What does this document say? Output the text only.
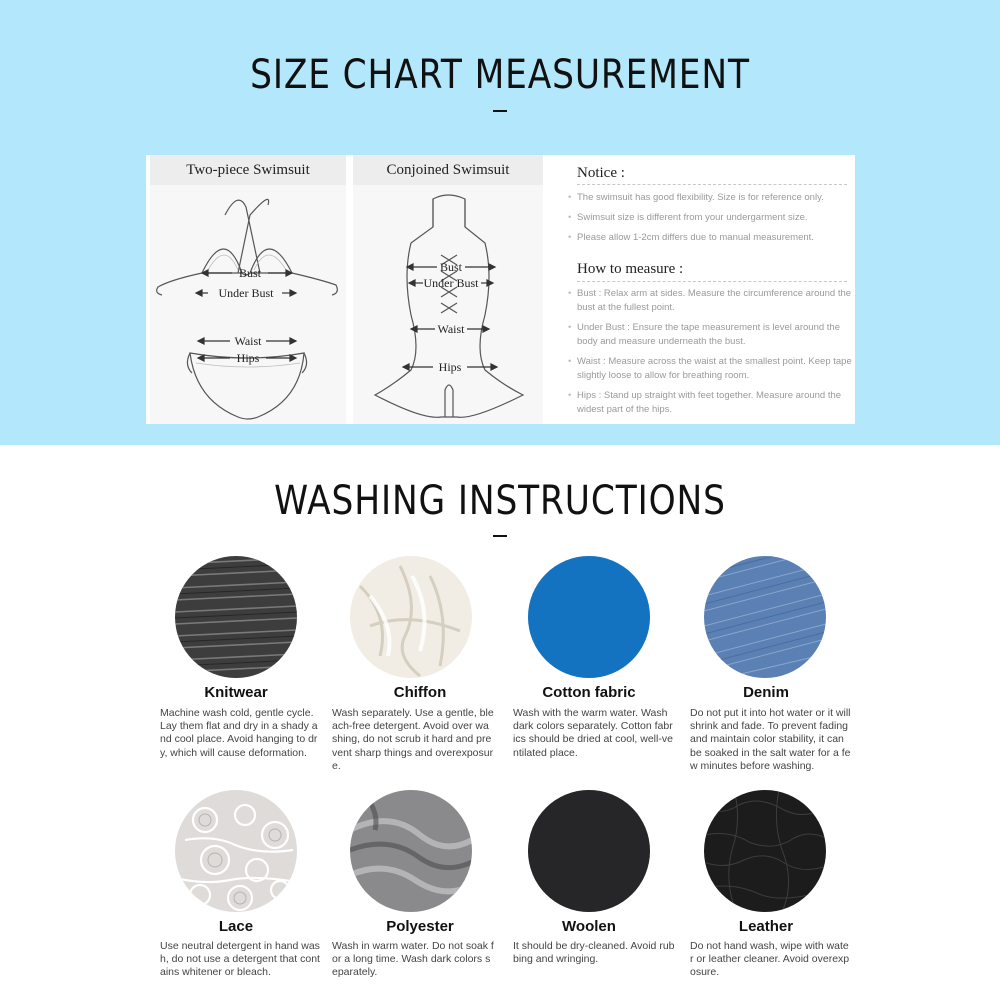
SIZE CHART MEASUREMENT
Two-piece Swimsuit
Bust
Under Bust
Waist
Hips
Conjoined Swimsuit
Bust
Under Bust
Waist
Hips
Notice :
• The swimsuit has good flexibility. Size is for reference only.
• Swimsuit size is different from your undergarment size.
• Please allow 1-2cm differs due to manual measurement.
How to measure :
• Bust : Relax arm at sides. Measure the circumference around the bust at the fullest point.
• Under Bust : Ensure the tape measurement is level around the body and measure underneath the bust.
• Waist : Measure across the waist at the smallest point. Keep tape slightly loose to allow for breathing room.
• Hips : Stand up straight with feet together. Measure around the widest part of the hips.
WASHING INSTRUCTIONS
Knitwear
Machine wash cold, gentle cycle. Lay them flat and dry in a shady and cool place. Avoid hanging to dry, which will cause deformation.
Chiffon
Wash separately. Use a gentle, bleach-free detergent. Avoid over washing, do not scrub it hard and prevent sharp things and overexposure.
Cotton fabric
Wash with the warm water. Wash dark colors separately. Cotton fabrics should be dried at cool, well-ventilated place.
Denim
Do not put it into hot water or it will shrink and fade. To prevent fading and maintain color stability, it can be soaked in the salt water for a few minutes before washing.
Lace
Use neutral detergent in hand wash, do not use a detergent that contains whitener or bleach.
Polyester
Wash in warm water. Do not soak for a long time. Wash dark colors separately.
Woolen
It should be dry-cleaned. Avoid rubbing and wringing.
Leather
Do not hand wash, wipe with water or leather cleaner. Avoid overexposure.
